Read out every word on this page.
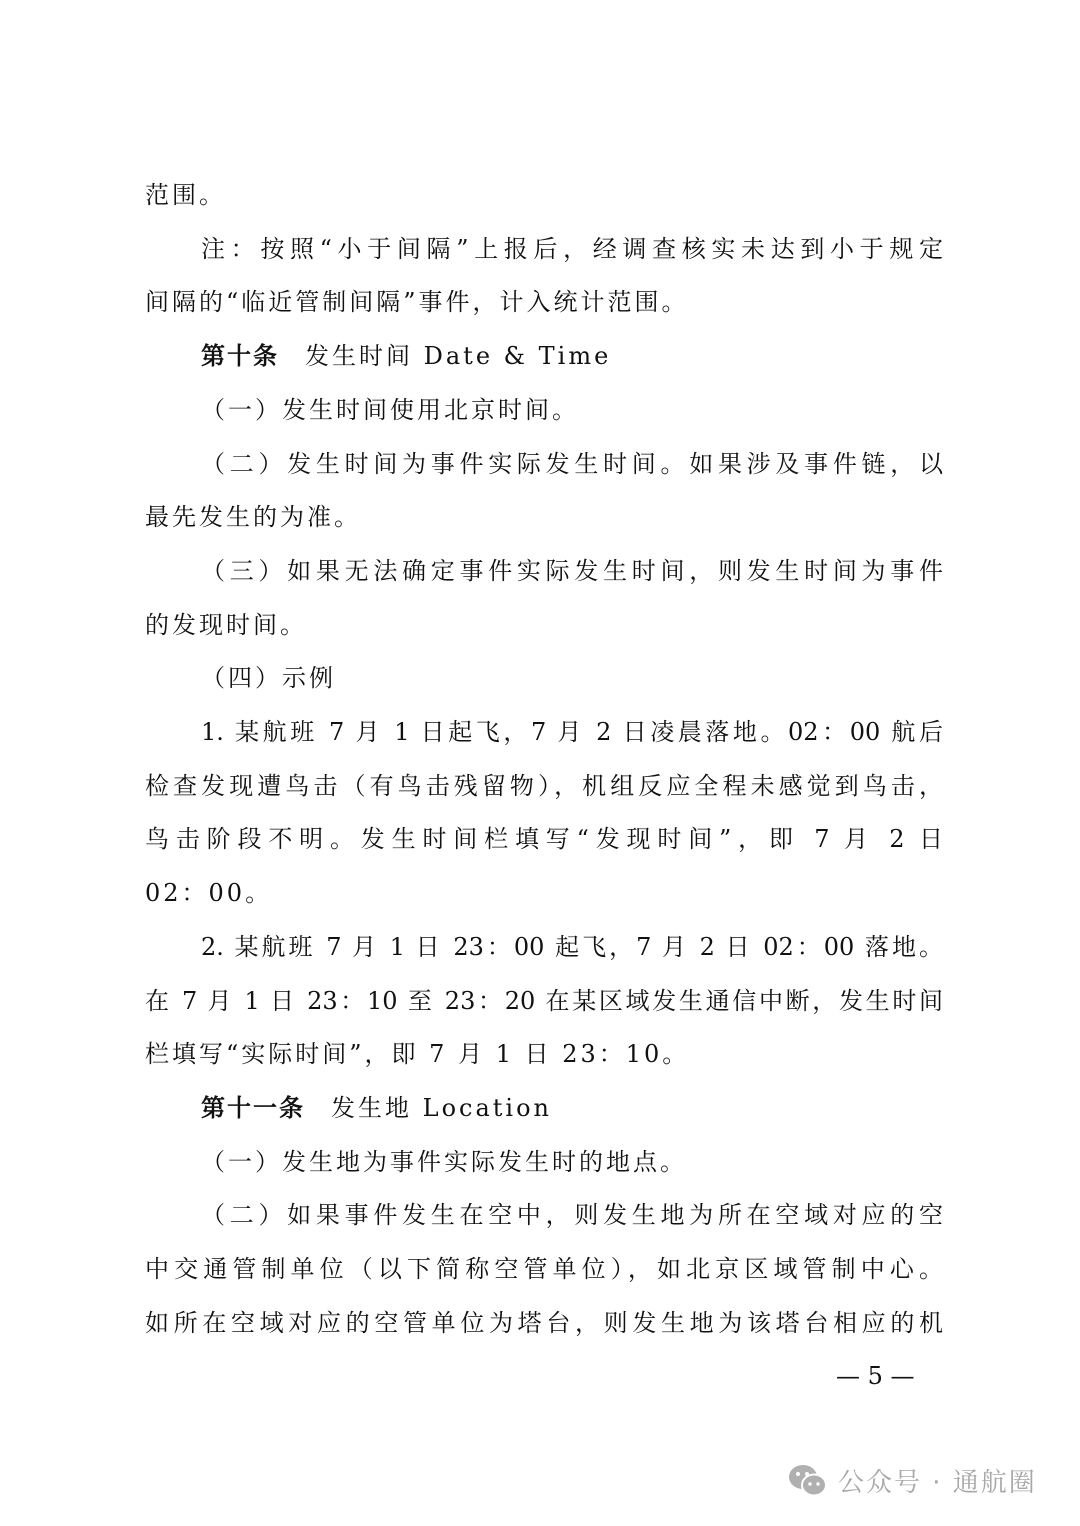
范围。
注：按照“小于间隔”上报后，经调查核实未达到小于规定
间隔的“临近管制间隔”事件，计入统计范围。
第十条 发生时间 Date & Time
（一）发生时间使用北京时间。
（二）发生时间为事件实际发生时间。如果涉及事件链，以
最先发生的为准。
（三）如果无法确定事件实际发生时间，则发生时间为事件
的发现时间。
（四）示例
1. 某航班 7 月 1 日起飞，7 月 2 日凌晨落地。02：00 航后
检查发现遭鸟击（有鸟击残留物），机组反应全程未感觉到鸟击，
鸟击阶段不明。发生时间栏填写“发现时间”，即 7 月 2 日
02：00。
2. 某航班 7 月 1 日 23：00 起飞，7 月 2 日 02：00 落地。
在 7 月 1 日 23：10 至 23：20 在某区域发生通信中断，发生时间
栏填写“实际时间”，即 7 月 1 日 23：10。
第十一条 发生地 Location
（一）发生地为事件实际发生时的地点。
（二）如果事件发生在空中，则发生地为所在空域对应的空
中交通管制单位（以下简称空管单位），如北京区域管制中心。
如所在空域对应的空管单位为塔台，则发生地为该塔台相应的机
— 5 —
公众号 · 通航圈
